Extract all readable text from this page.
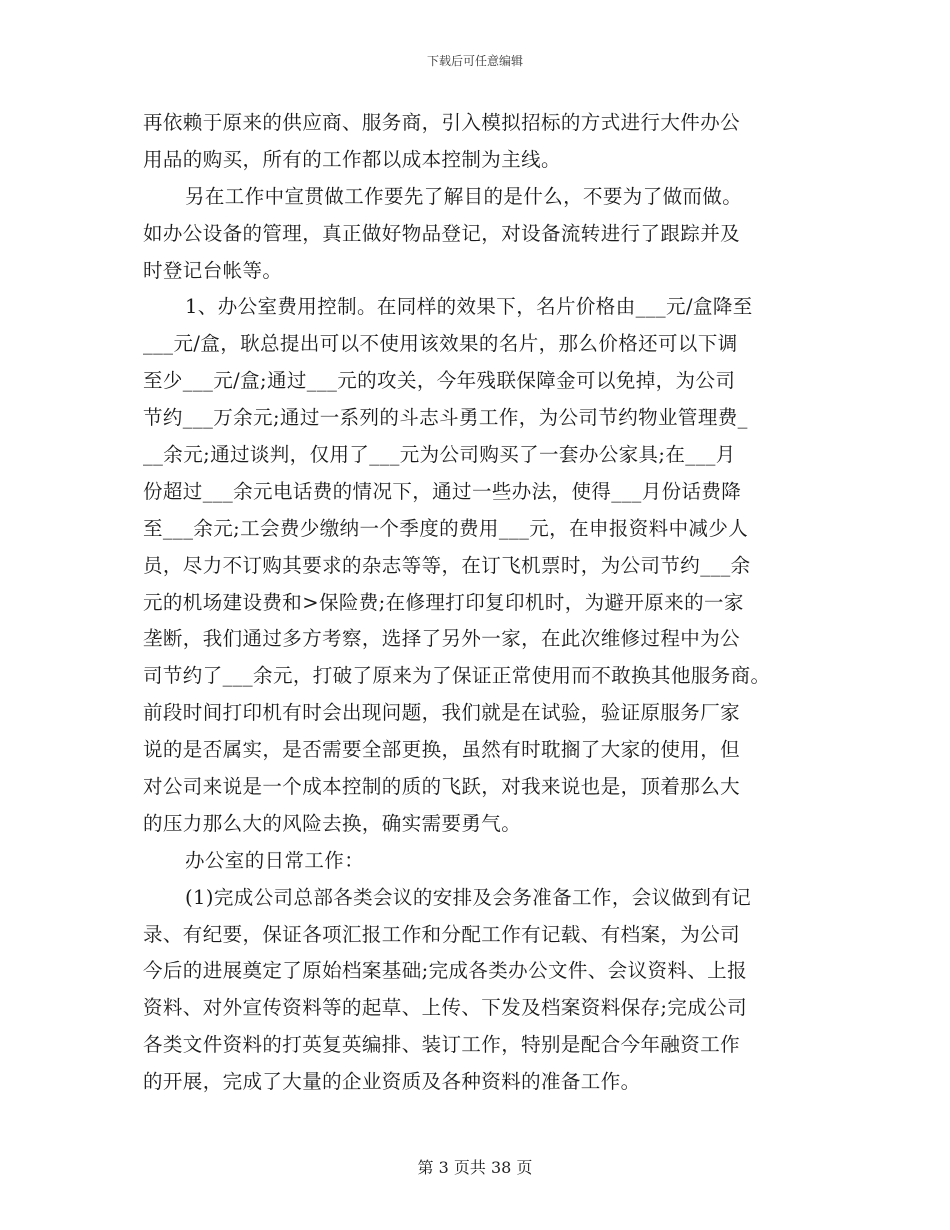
下载后可任意编辑
再依赖于原来的供应商、服务商，引入模拟招标的方式进行大件办公
用品的购买，所有的工作都以成本控制为主线。
另在工作中宣贯做工作要先了解目的是什么，不要为了做而做。
如办公设备的管理，真正做好物品登记，对设备流转进行了跟踪并及
时登记台帐等。
1、办公室费用控制。在同样的效果下，名片价格由___元/盒降至
___元/盒，耿总提出可以不使用该效果的名片，那么价格还可以下调
至少___元/盒;通过___元的攻关，今年残联保障金可以免掉，为公司
节约___万余元;通过一系列的斗志斗勇工作，为公司节约物业管理费_
__余元;通过谈判，仅用了___元为公司购买了一套办公家具;在___月
份超过___余元电话费的情况下，通过一些办法，使得___月份话费降
至___余元;工会费少缴纳一个季度的费用___元，在申报资料中减少人
员，尽力不订购其要求的杂志等等，在订飞机票时，为公司节约___余
元的机场建设费和>保险费;在修理打印复印机时，为避开原来的一家
垄断，我们通过多方考察，选择了另外一家，在此次维修过程中为公
司节约了___余元，打破了原来为了保证正常使用而不敢换其他服务商。
前段时间打印机有时会出现问题，我们就是在试验，验证原服务厂家
说的是否属实，是否需要全部更换，虽然有时耽搁了大家的使用，但
对公司来说是一个成本控制的质的飞跃，对我来说也是，顶着那么大
的压力那么大的风险去换，确实需要勇气。
办公室的日常工作：
(1)完成公司总部各类会议的安排及会务准备工作，会议做到有记
录、有纪要，保证各项汇报工作和分配工作有记载、有档案，为公司
今后的进展奠定了原始档案基础;完成各类办公文件、会议资料、上报
资料、对外宣传资料等的起草、上传、下发及档案资料保存;完成公司
各类文件资料的打英复英编排、装订工作，特别是配合今年融资工作
的开展，完成了大量的企业资质及各种资料的准备工作。
第 3 页共 38 页
